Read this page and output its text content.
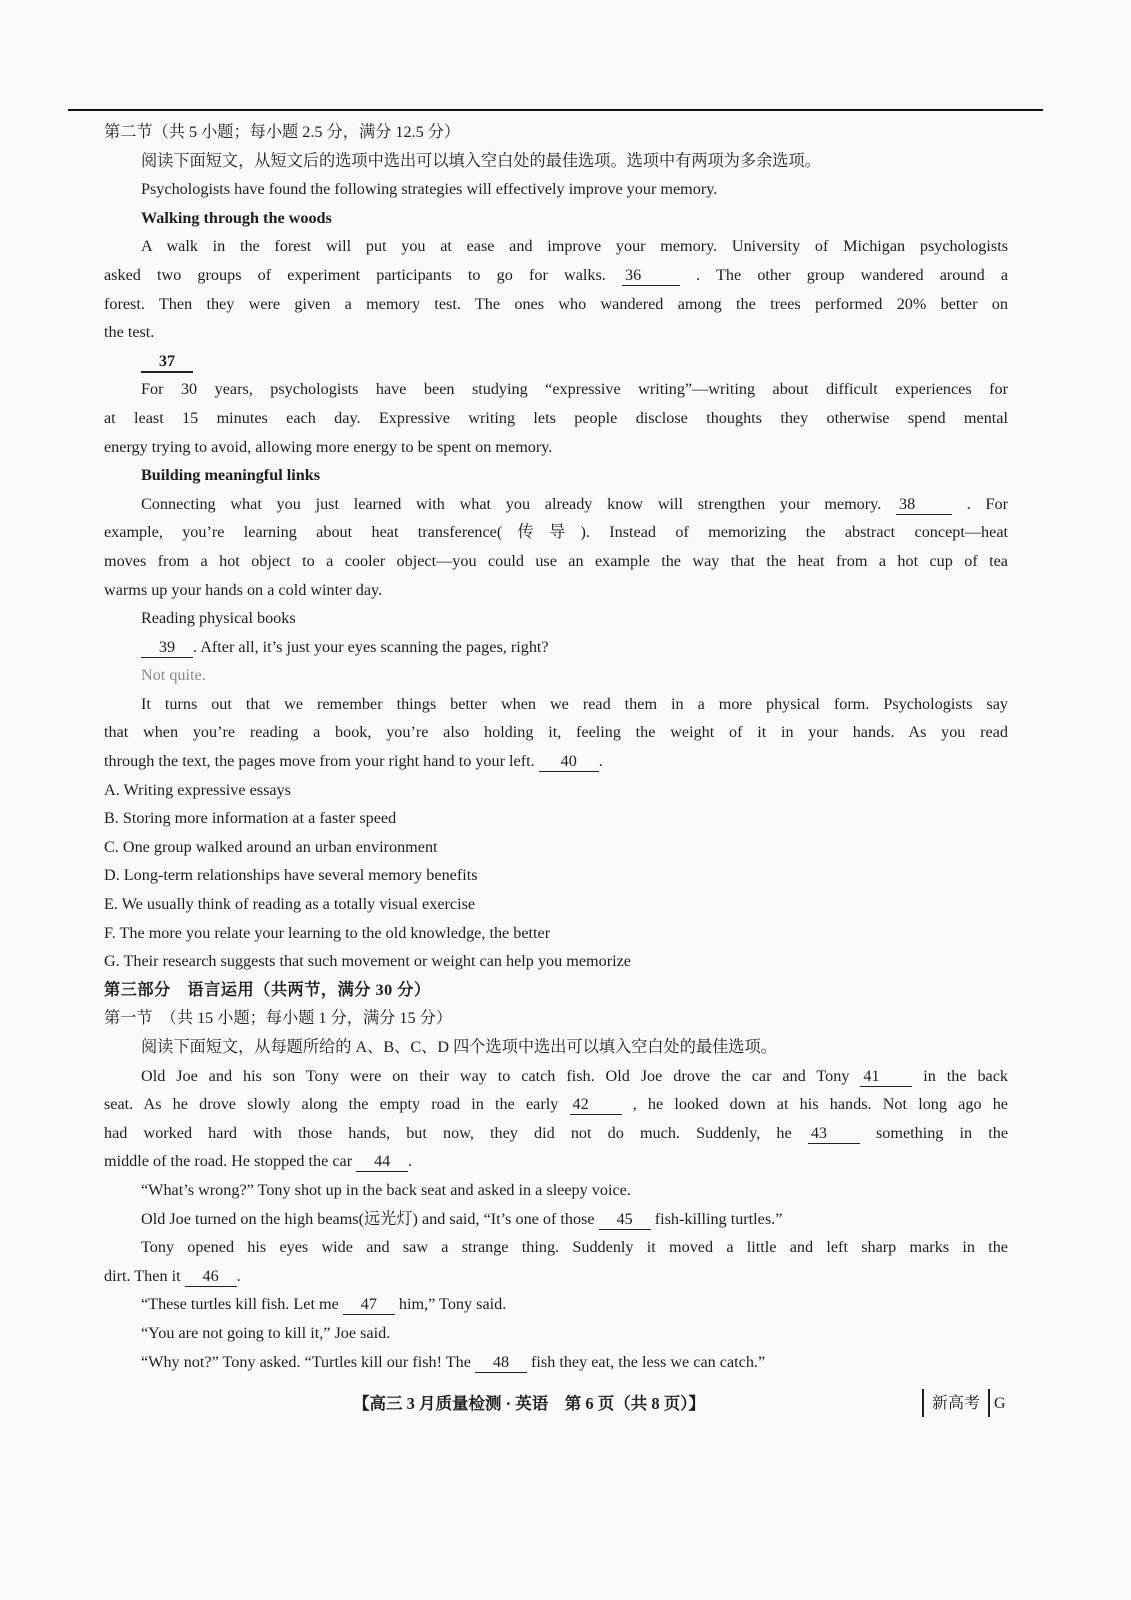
第二节（共 5 小题；每小题 2.5 分，满分 12.5 分）
阅读下面短文，从短文后的选项中选出可以填入空白处的最佳选项。选项中有两项为多余选项。
Psychologists have found the following strategies will effectively improve your memory.
Walking through the woods
A walk in the forest will put you at ease and improve your memory. University of Michigan psychologists
asked two groups of experiment participants to go for walks. 36	. The other group wandered around a
forest. Then they were given a memory test. The ones who wandered among the trees performed 20% better on
the test.
37
For 30 years, psychologists have been studying “expressive writing”—writing about difficult experiences for
at least 15 minutes each day. Expressive writing lets people disclose thoughts they otherwise spend mental
energy trying to avoid, allowing more energy to be spent on memory.
Building meaningful links
Connecting what you just learned with what you already know will strengthen your memory. 38	. For
example, you’re learning about heat transference(传导). Instead of memorizing the abstract concept—heat
moves from a hot object to a cooler object—you could use an example the way that the heat from a hot cup of tea
warms up your hands on a cold winter day.
Reading physical books
39 . After all, it’s just your eyes scanning the pages, right?
Not quite.
It turns out that we remember things better when we read them in a more physical form. Psychologists say
that when you’re reading a book, you’re also holding it, feeling the weight of it in your hands. As you read
through the text, the pages move from your right hand to your left. 40 .
A. Writing expressive essays
B. Storing more information at a faster speed
C. One group walked around an urban environment
D. Long-term relationships have several memory benefits
E. We usually think of reading as a totally visual exercise
F. The more you relate your learning to the old knowledge, the better
G. Their research suggests that such movement or weight can help you memorize
第三部分　语言运用（共两节，满分 30 分）
第一节　（共 15 小题；每小题 1 分，满分 15 分）
阅读下面短文，从每题所给的 A、B、C、D 四个选项中选出可以填入空白处的最佳选项。
Old Joe and his son Tony were on their way to catch fish. Old Joe drove the car and Tony 41	in the back
seat. As he drove slowly along the empty road in the early 42	, he looked down at his hands. Not long ago he
had worked hard with those hands, but now, they did not do much. Suddenly, he 43	something in the
middle of the road. He stopped the car 44 .
“What’s wrong?” Tony shot up in the back seat and asked in a sleepy voice.
Old Joe turned on the high beams(远光灯) and said, “It’s one of those 45 fish-killing turtles.”
Tony opened his eyes wide and saw a strange thing. Suddenly it moved a little and left sharp marks in the
dirt. Then it 46 .
“These turtles kill fish. Let me 47 him,” Tony said.
“You are not going to kill it,” Joe said.
“Why not?” Tony asked. “Turtles kill our fish! The 48 fish they eat, the less we can catch.”
【高三 3 月质量检测 · 英语　第 6 页（共 8 页）】	新高考 G
